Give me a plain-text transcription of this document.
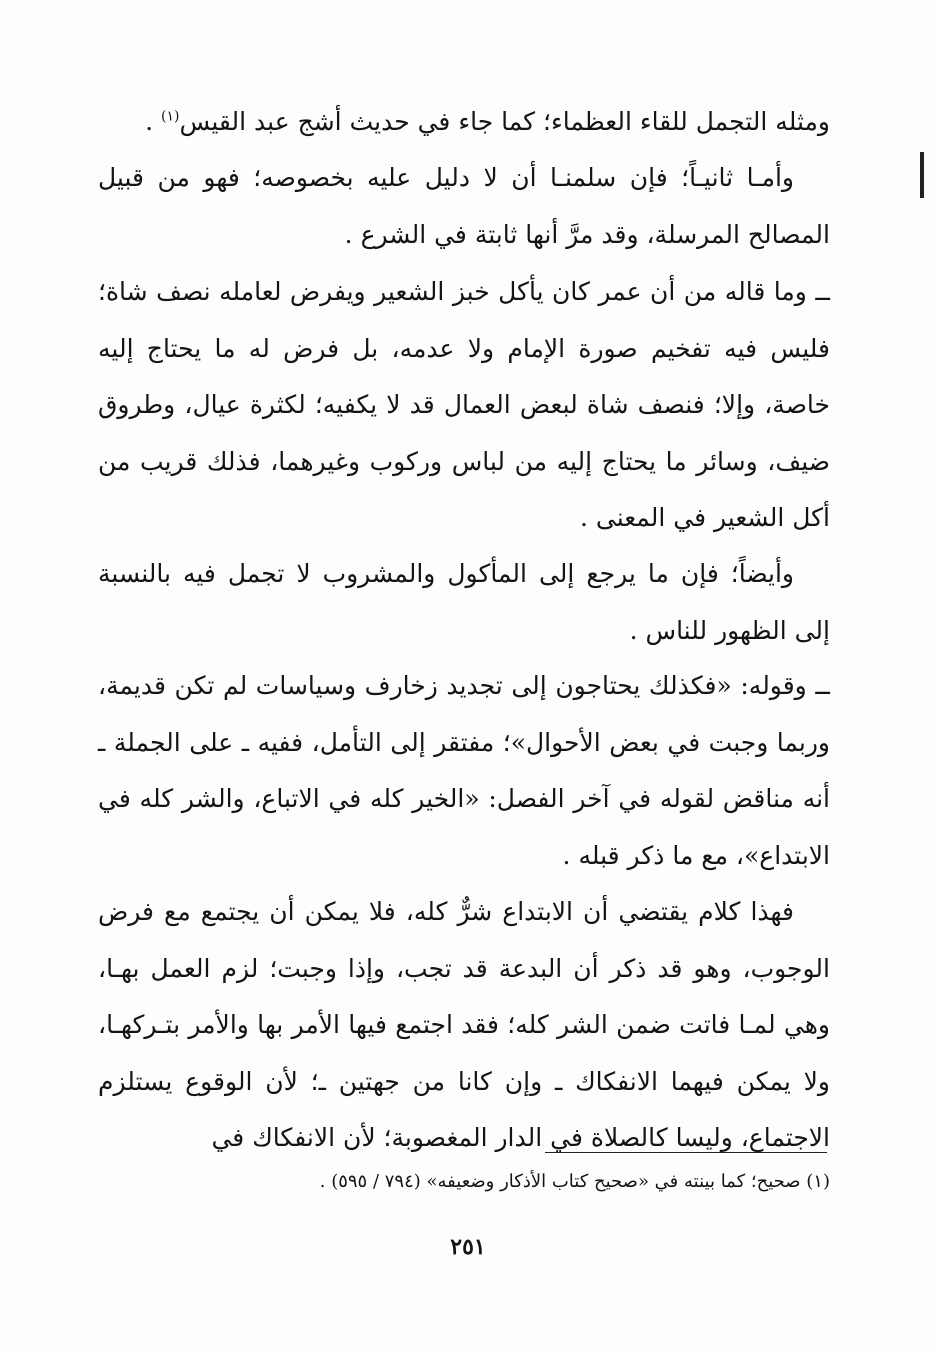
ومثله التجمل للقاء العظماء؛ كما جاء في حديث أشج عبد القيس$^{(١)}$ .

وأمـا ثانيـاً؛ فإن سلمنـا أن لا دليل عليه بخصوصه؛ فهو من قبيل المصالح المرسلة، وقد مرَّ أنها ثابتة في الشرع .

ــ وما قاله من أن عمر كان يأكل خبز الشعير ويفرض لعامله نصف شاة؛ فليس فيه تفخيم صورة الإمام ولا عدمه، بل فرض له ما يحتاج إليه خاصة، وإلا؛ فنصف شاة لبعض العمال قد لا يكفيه؛ لكثرة عيال، وطروق ضيف، وسائر ما يحتاج إليه من لباس وركوب وغيرهما، فذلك قريب من أكل الشعير في المعنى .

وأيضاً؛ فإن ما يرجع إلى المأكول والمشروب لا تجمل فيه بالنسبة إلى الظهور للناس .

ــ وقوله: «فكذلك يحتاجون إلى تجديد زخارف وسياسات لم تكن قديمة، وربما وجبت في بعض الأحوال»؛ مفتقر إلى التأمل، ففيه ـ على الجملة ـ أنه مناقض لقوله في آخر الفصل: «الخير كله في الاتباع، والشر كله في الابتداع»، مع ما ذكر قبله .

فهذا كلام يقتضي أن الابتداع شرٌّ كله، فلا يمكن أن يجتمع مع فرض الوجوب، وهو قد ذكر أن البدعة قد تجب، وإذا وجبت؛ لزم العمل بهـا، وهي لمـا فاتت ضمن الشر كله؛ فقد اجتمع فيها الأمر بها والأمر بتـركهـا، ولا يمكن فيهما الانفكاك ـ وإن كانا من جهتين ـ؛ لأن الوقوع يستلزم الاجتماع، وليسا كالصلاة في الدار المغصوبة؛ لأن الانفكاك في

(١) صحيح؛ كما بينته في «صحيح كتاب الأذكار وضعيفه» (٧٩٤ / ٥٩٥) .
٢٥١
